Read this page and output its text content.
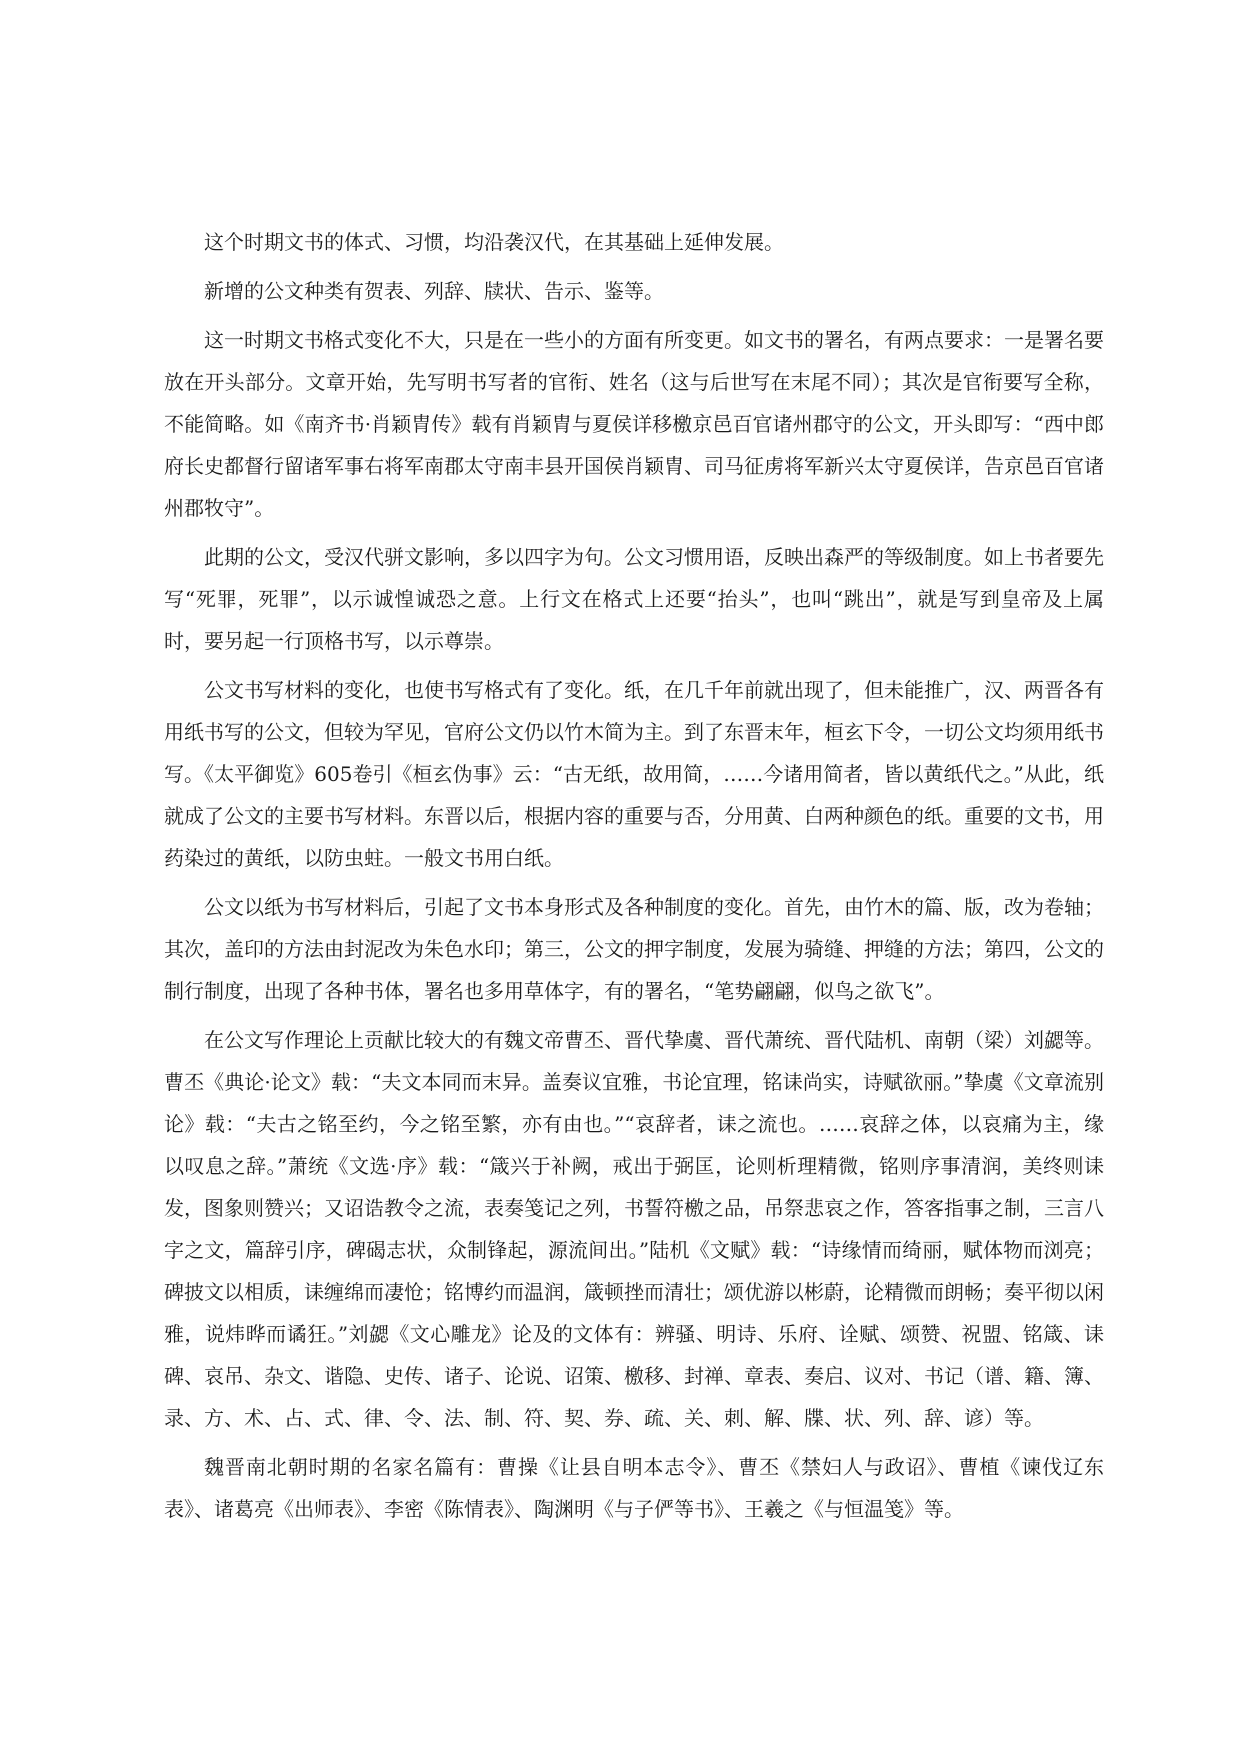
这个时期文书的体式、习惯，均沿袭汉代，在其基础上延伸发展。

新增的公文种类有贺表、列辞、牍状、告示、鉴等。

这一时期文书格式变化不大，只是在一些小的方面有所变更。如文书的署名，有两点要求：一是署名要放在开头部分。文章开始，先写明书写者的官衔、姓名（这与后世写在末尾不同）；其次是官衔要写全称，不能简略。如《南齐书·肖颖胄传》载有肖颖胄与夏侯详移檄京邑百官诸州郡守的公文，开头即写：“西中郎府长史都督行留诸军事右将军南郡太守南丰县开国侯肖颖胄、司马征虏将军新兴太守夏侯详，告京邑百官诸州郡牧守”。

此期的公文，受汉代骈文影响，多以四字为句。公文习惯用语，反映出森严的等级制度。如上书者要先写“死罪，死罪”，以示诚惶诚恐之意。上行文在格式上还要“抬头”，也叫“跳出”，就是写到皇帝及上属时，要另起一行顶格书写，以示尊崇。

公文书写材料的变化，也使书写格式有了变化。纸，在几千年前就出现了，但未能推广，汉、两晋各有用纸书写的公文，但较为罕见，官府公文仍以竹木简为主。到了东晋末年，桓玄下令，一切公文均须用纸书写。《太平御览》605卷引《桓玄伪事》云：“古无纸，故用简，……今诸用简者，皆以黄纸代之。”从此，纸就成了公文的主要书写材料。东晋以后，根据内容的重要与否，分用黄、白两种颜色的纸。重要的文书，用药染过的黄纸，以防虫蛀。一般文书用白纸。

公文以纸为书写材料后，引起了文书本身形式及各种制度的变化。首先，由竹木的篇、版，改为卷轴；其次，盖印的方法由封泥改为朱色水印；第三，公文的押字制度，发展为骑缝、押缝的方法；第四，公文的制行制度，出现了各种书体，署名也多用草体字，有的署名，“笔势翩翩，似鸟之欲飞”。

在公文写作理论上贡献比较大的有魏文帝曹丕、晋代挚虞、晋代萧统、晋代陆机、南朝（梁）刘勰等。曹丕《典论·论文》载：“夫文本同而末异。盖奏议宜雅，书论宜理，铭诔尚实，诗赋欲丽。”挚虞《文章流别论》载：“夫古之铭至约，今之铭至繁，亦有由也。”“哀辞者，诔之流也。……哀辞之体，以哀痛为主，缘以叹息之辞。”萧统《文选·序》载：“箴兴于补阙，戒出于弼匡，论则析理精微，铭则序事清润，美终则诔发，图象则赞兴；又诏诰教令之流，表奏笺记之列，书誓符檄之品，吊祭悲哀之作，答客指事之制，三言八字之文，篇辞引序，碑碣志状，众制锋起，源流间出。”陆机《文赋》载：“诗缘情而绮丽，赋体物而浏亮；碑披文以相质，诔缠绵而凄怆；铭博约而温润，箴顿挫而清壮；颂优游以彬蔚，论精微而朗畅；奏平彻以闲雅，说炜晔而谲狂。”刘勰《文心雕龙》论及的文体有：辨骚、明诗、乐府、诠赋、颂赞、祝盟、铭箴、诔碑、哀吊、杂文、谐隐、史传、诸子、论说、诏策、檄移、封禅、章表、奏启、议对、书记（谱、籍、簿、录、方、术、占、式、律、令、法、制、符、契、券、疏、关、刺、解、牒、状、列、辞、谚）等。

魏晋南北朝时期的名家名篇有：曹操《让县自明本志令》、曹丕《禁妇人与政诏》、曹植《谏伐辽东表》、诸葛亮《出师表》、李密《陈情表》、陶渊明《与子俨等书》、王羲之《与恒温笺》等。
